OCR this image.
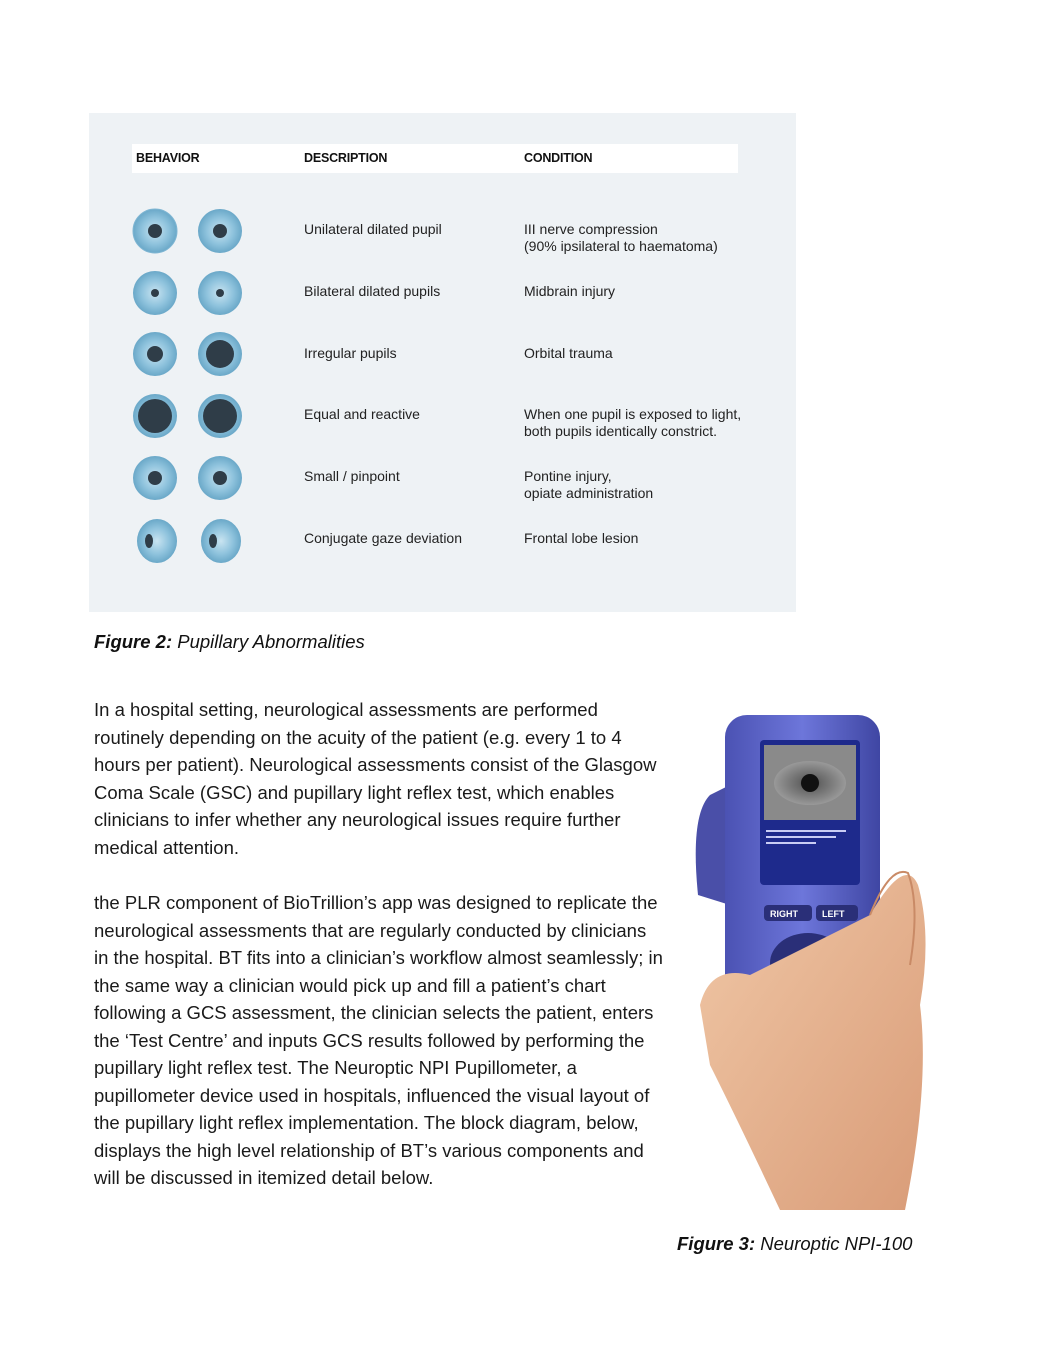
BEHAVIOR	DESCRIPTION	CONDITION
Unilateral dilated pupil	III nerve compression
(90% ipsilateral to haematoma)
Bilateral dilated pupils	Midbrain injury
Irregular pupils	Orbital trauma
Equal and reactive	When one pupil is exposed to light,
both pupils identically constrict.
Small / pinpoint	Pontine injury,
opiate administration
Conjugate gaze deviation	Frontal lobe lesion
Figure 2: Pupillary Abnormalities

In a hospital setting, neurological assessments are performed routinely depending on the acuity of the patient (e.g. every 1 to 4 hours per patient). Neurological assessments consist of the Glasgow Coma Scale (GSC) and pupillary light reflex test, which enables clinicians to infer whether any neurological issues require further medical attention.

the PLR component of BioTrillion’s app was designed to replicate the neurological assessments that are regularly conducted by clinicians in the hospital. BT fits into a clinician’s workflow almost seamlessly; in the same way a clinician would pick up and fill a patient’s chart following a GCS assessment, the clinician selects the patient, enters the ‘Test Centre’ and inputs GCS results followed by performing the pupillary light reflex test. The Neuroptic NPI Pupillometer, a pupillometer device used in hospitals, influenced the visual layout of the pupillary light reflex implementation. The block diagram, below, displays the high level relationship of BT’s various components and will be discussed in itemized detail below.

RIGHT	LEFT
Figure 3: Neuroptic NPI-100
